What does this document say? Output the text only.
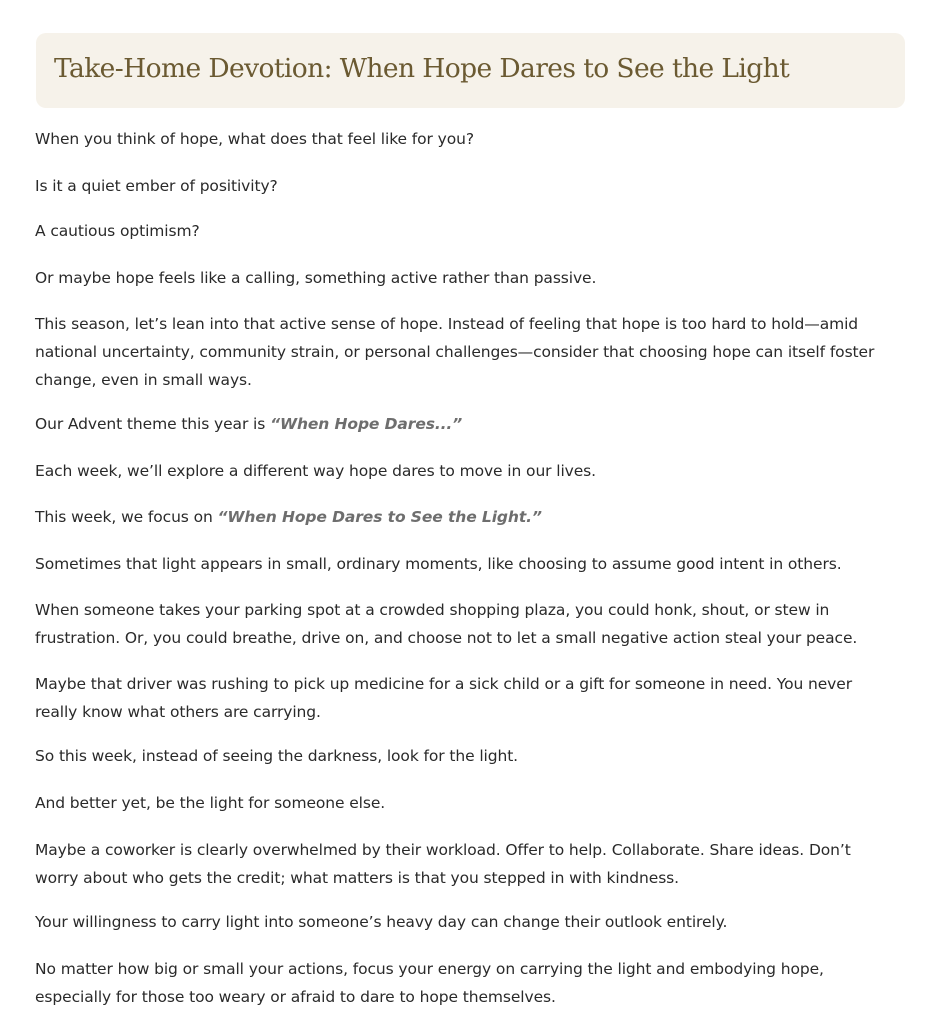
Take-Home Devotion: When Hope Dares to See the Light

When you think of hope, what does that feel like for you?

Is it a quiet ember of positivity?

A cautious optimism?

Or maybe hope feels like a calling, something active rather than passive.

This season, let’s lean into that active sense of hope. Instead of feeling that hope is too hard to hold—amid
national uncertainty, community strain, or personal challenges—consider that choosing hope can itself foster
change, even in small ways.

Our Advent theme this year is “When Hope Dares...”

Each week, we’ll explore a different way hope dares to move in our lives.

This week, we focus on “When Hope Dares to See the Light.”

Sometimes that light appears in small, ordinary moments, like choosing to assume good intent in others.

When someone takes your parking spot at a crowded shopping plaza, you could honk, shout, or stew in
frustration. Or, you could breathe, drive on, and choose not to let a small negative action steal your peace.

Maybe that driver was rushing to pick up medicine for a sick child or a gift for someone in need. You never
really know what others are carrying.

So this week, instead of seeing the darkness, look for the light.

And better yet, be the light for someone else.

Maybe a coworker is clearly overwhelmed by their workload. Offer to help. Collaborate. Share ideas. Don’t
worry about who gets the credit; what matters is that you stepped in with kindness.

Your willingness to carry light into someone’s heavy day can change their outlook entirely.

No matter how big or small your actions, focus your energy on carrying the light and embodying hope,
especially for those too weary or afraid to dare to hope themselves.
